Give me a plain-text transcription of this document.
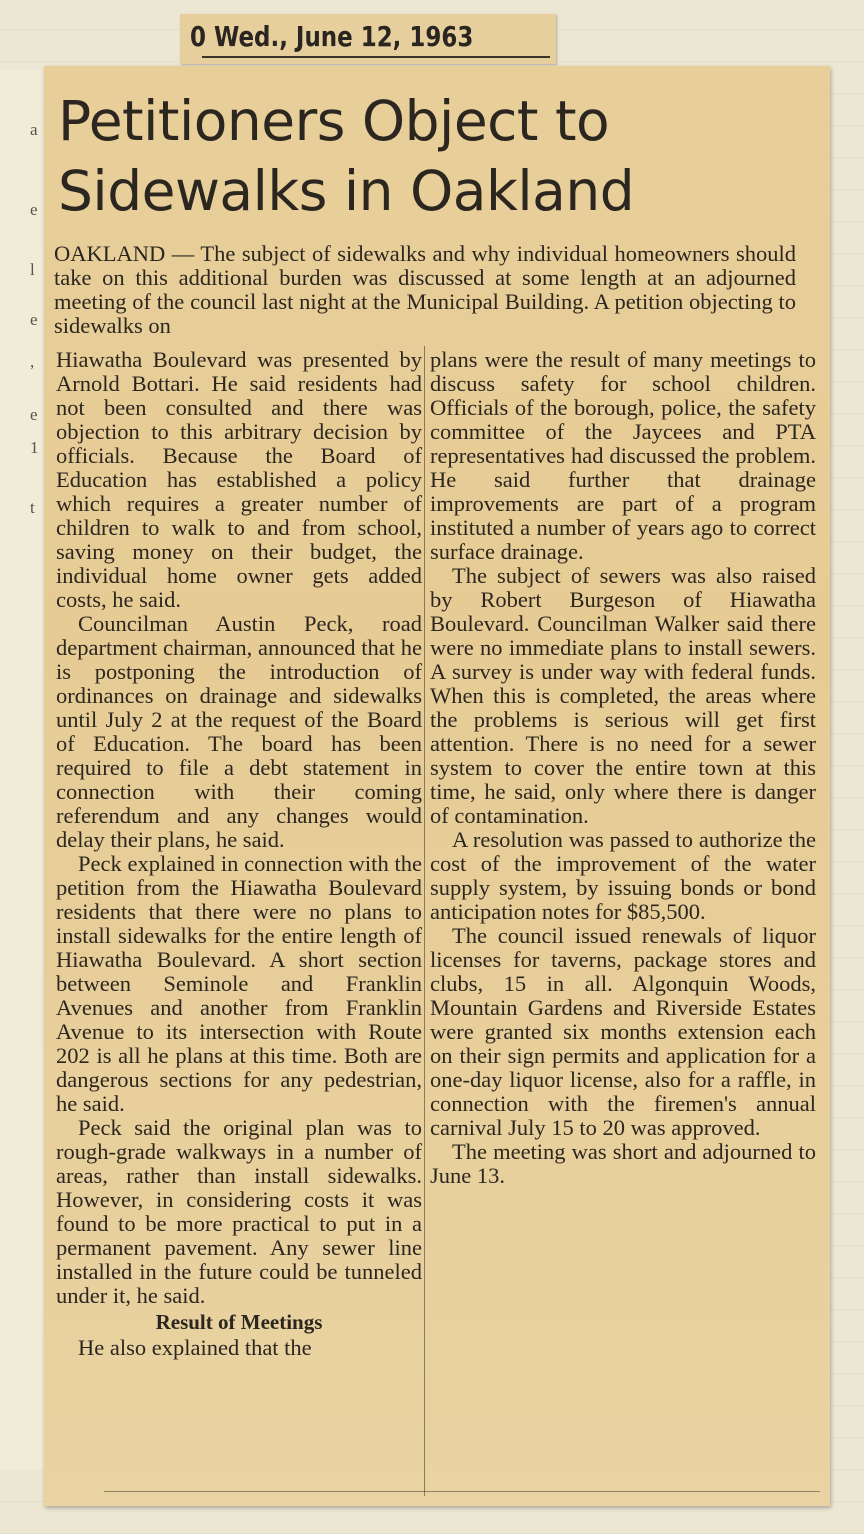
a
e
l
e
,
e
1
t
0 Wed., June 12, 1963
Petitioners Object to Sidewalks in Oakland
OAKLAND — The subject of sidewalks and why individual homeowners should take on this additional burden was discussed at some length at an adjourned meeting of the council last night at the Municipal Building. A petition objecting to sidewalks on

Hiawatha Boulevard was presented by Arnold Bottari. He said residents had not been consulted and there was objection to this arbitrary decision by officials. Because the Board of Education has established a policy which requires a greater number of children to walk to and from school, saving money on their budget, the individual home owner gets added costs, he said.

Councilman Austin Peck, road department chairman, announced that he is postponing the introduction of ordinances on drainage and sidewalks until July 2 at the request of the Board of Education. The board has been required to file a debt statement in connection with their coming referendum and any changes would delay their plans, he said.

Peck explained in connection with the petition from the Hiawatha Boulevard residents that there were no plans to install sidewalks for the entire length of Hiawatha Boulevard. A short section between Seminole and Franklin Avenues and another from Franklin Avenue to its intersection with Route 202 is all he plans at this time. Both are dangerous sections for any pedestrian, he said.

Peck said the original plan was to rough-grade walkways in a number of areas, rather than install sidewalks. However, in considering costs it was found to be more practical to put in a permanent pavement. Any sewer line installed in the future could be tunneled under it, he said.

Result of Meetings

He also explained that the

plans were the result of many meetings to discuss safety for school children. Officials of the borough, police, the safety committee of the Jaycees and PTA representatives had discussed the problem. He said further that drainage improvements are part of a program instituted a number of years ago to correct surface drainage.

The subject of sewers was also raised by Robert Burgeson of Hiawatha Boulevard. Councilman Walker said there were no immediate plans to install sewers. A survey is under way with federal funds. When this is completed, the areas where the problems is serious will get first attention. There is no need for a sewer system to cover the entire town at this time, he said, only where there is danger of contamination.

A resolution was passed to authorize the cost of the improvement of the water supply system, by issuing bonds or bond anticipation notes for $85,500.

The council issued renewals of liquor licenses for taverns, package stores and clubs, 15 in all. Algonquin Woods, Mountain Gardens and Riverside Estates were granted six months extension each on their sign permits and application for a one-day liquor license, also for a raffle, in connection with the firemen's annual carnival July 15 to 20 was approved.

The meeting was short and adjourned to June 13.
